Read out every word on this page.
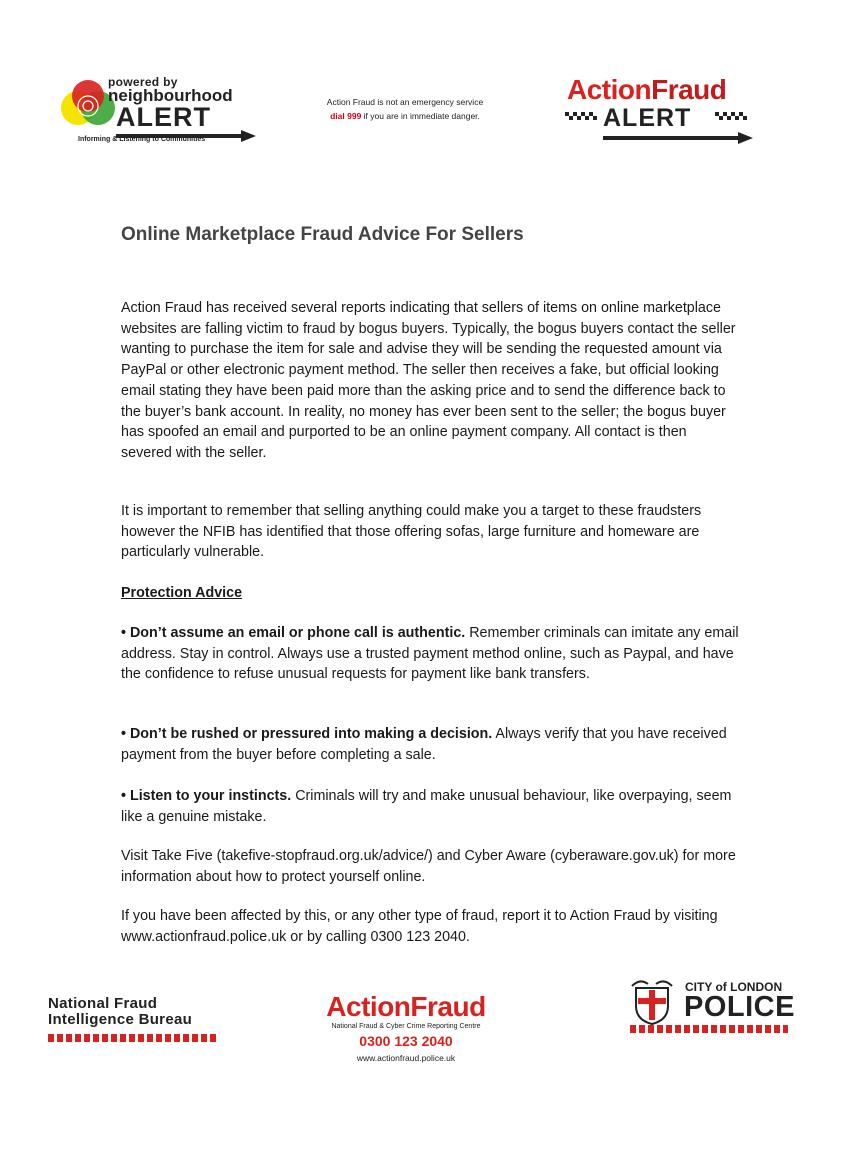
powered by
neighbourhood
ALERT
Informing & Listening to Communities
Action Fraud is not an emergency service
dial 999 if you are in immediate danger.
ActionFraud
ALERT
Online Marketplace Fraud Advice For Sellers
Action Fraud has received several reports indicating that sellers of items on online marketplace websites are falling victim to fraud by bogus buyers. Typically, the bogus buyers contact the seller wanting to purchase the item for sale and advise they will be sending the requested amount via PayPal or other electronic payment method. The seller then receives a fake, but official looking email stating they have been paid more than the asking price and to send the difference back to the buyer’s bank account. In reality, no money has ever been sent to the seller; the bogus buyer has spoofed an email and purported to be an online payment company. All contact is then severed with the seller.
It is important to remember that selling anything could make you a target to these fraudsters however the NFIB has identified that those offering sofas, large furniture and homeware are particularly vulnerable.
Protection Advice
• Don’t assume an email or phone call is authentic. Remember criminals can imitate any email address. Stay in control. Always use a trusted payment method online, such as Paypal, and have the confidence to refuse unusual requests for payment like bank transfers.
• Don’t be rushed or pressured into making a decision. Always verify that you have received payment from the buyer before completing a sale.
• Listen to your instincts. Criminals will try and make unusual behaviour, like overpaying, seem like a genuine mistake.
Visit Take Five (takefive-stopfraud.org.uk/advice/) and Cyber Aware (cyberaware.gov.uk) for more information about how to protect yourself online.
If you have been affected by this, or any other type of fraud, report it to Action Fraud by visiting www.actionfraud.police.uk or by calling 0300 123 2040.
National Fraud
Intelligence Bureau	ActionFraud
National Fraud & Cyber Crime Reporting Centre
0300 123 2040
www.actionfraud.police.uk
CITY of LONDON
POLICE
